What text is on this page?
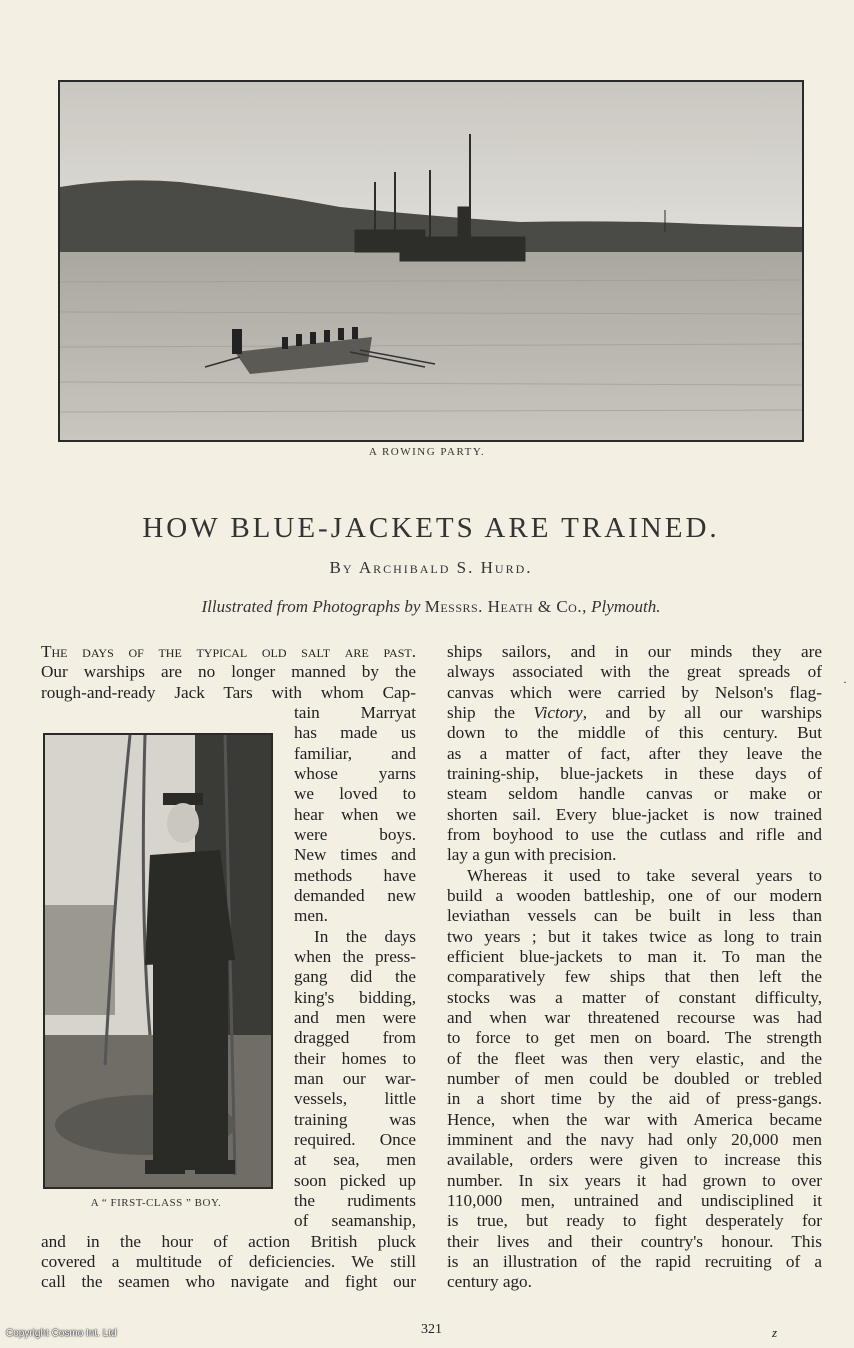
A ROWING PARTY.
HOW BLUE-JACKETS ARE TRAINED.
By Archibald S. Hurd.
Illustrated from Photographs by Messrs. Heath & Co., Plymouth.
A “ FIRST-CLASS ” BOY.
The days of the typical old salt are past.
Our warships are no longer manned by the
rough-and-ready Jack Tars with whom Cap-
tain Marryat
has made us
familiar, and
whose yarns
we loved to
hear when we
were boys.
New times and
methods have
demanded new
men.
In the days
when the press-
gang did the
king's bidding,
and men were
dragged from
their homes to
man our war-
vessels, little
training was
required. Once
at sea, men
soon picked up
the rudiments
of seamanship,
and in the hour of action British pluck
covered a multitude of deficiencies. We still
call the seamen who navigate and fight our
ships sailors, and in our minds they are
always associated with the great spreads of
canvas which were carried by Nelson's flag-
ship the Victory, and by all our warships
down to the middle of this century. But
as a matter of fact, after they leave the
training-ship, blue-jackets in these days of
steam seldom handle canvas or make or
shorten sail. Every blue-jacket is now trained
from boyhood to use the cutlass and rifle and
lay a gun with precision.
Whereas it used to take several years to
build a wooden battleship, one of our modern
leviathan vessels can be built in less than
two years ; but it takes twice as long to train
efficient blue-jackets to man it. To man the
comparatively few ships that then left the
stocks was a matter of constant difficulty,
and when war threatened recourse was had
to force to get men on board. The strength
of the fleet was then very elastic, and the
number of men could be doubled or trebled
in a short time by the aid of press-gangs.
Hence, when the war with America became
imminent and the navy had only 20,000 men
available, orders were given to increase this
number. In six years it had grown to over
110,000 men, untrained and undisciplined it
is true, but ready to fight desperately for
their lives and their country's honour. This
is an illustration of the rapid recruiting of a
century ago.
·
321	z
Copyright Cosmo Int. Ltd
